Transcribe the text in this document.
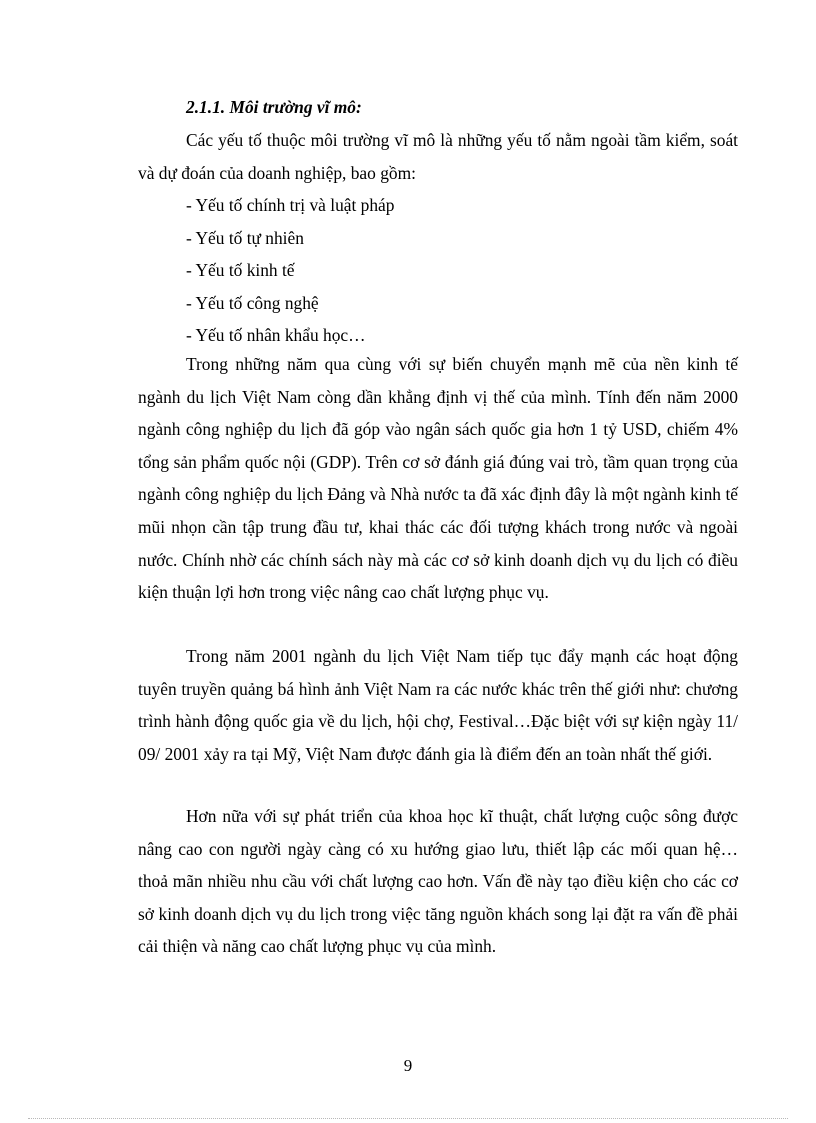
2.1.1. Môi trường vĩ mô:

Các yếu tố thuộc môi trường vĩ mô là những yếu tố nằm ngoài tầm kiểm, soát và dự đoán của doanh nghiệp, bao gồm:

- Yếu tố chính trị và luật pháp
- Yếu tố tự nhiên
- Yếu tố kinh tế
- Yếu tố công nghệ
- Yếu tố nhân khẩu học…

Trong những năm qua cùng với sự biến chuyển mạnh mẽ của nền kinh tế ngành du lịch Việt Nam còng dần khẳng định vị thế của mình. Tính đến năm 2000 ngành công nghiệp du lịch đã góp vào ngân sách quốc gia hơn 1 tỷ USD, chiếm 4% tổng sản phẩm quốc nội (GDP). Trên cơ sở đánh giá đúng vai trò, tầm quan trọng của ngành công nghiệp du lịch Đảng và Nhà nước ta đã xác định đây là một ngành kinh tế mũi nhọn cần tập trung đầu tư, khai thác các đối tượng khách trong nước và ngoài nước. Chính nhờ các chính sách này mà các cơ sở kinh doanh dịch vụ du lịch có điều kiện thuận lợi hơn trong việc nâng cao chất lượng phục vụ.

Trong năm 2001 ngành du lịch Việt Nam tiếp tục đẩy mạnh các hoạt động tuyên truyền quảng bá hình ảnh Việt Nam ra các nước khác trên thế giới như: chương trình hành động quốc gia về du lịch, hội chợ, Festival…Đặc biệt với sự kiện ngày 11/ 09/ 2001 xảy ra tại Mỹ, Việt Nam được đánh gia là điểm đến an toàn nhất thế giới.

Hơn nữa với sự phát triển của khoa học kĩ thuật, chất lượng cuộc sông được nâng cao con người ngày càng có xu hướng giao lưu, thiết lập các mối quan hệ… thoả mãn nhiều nhu cầu với chất lượng cao hơn. Vấn đề này tạo điều kiện cho các cơ sở kinh doanh dịch vụ du lịch trong việc tăng nguồn khách song lại đặt ra vấn đề phải cải thiện và năng cao chất lượng phục vụ của mình.

9
